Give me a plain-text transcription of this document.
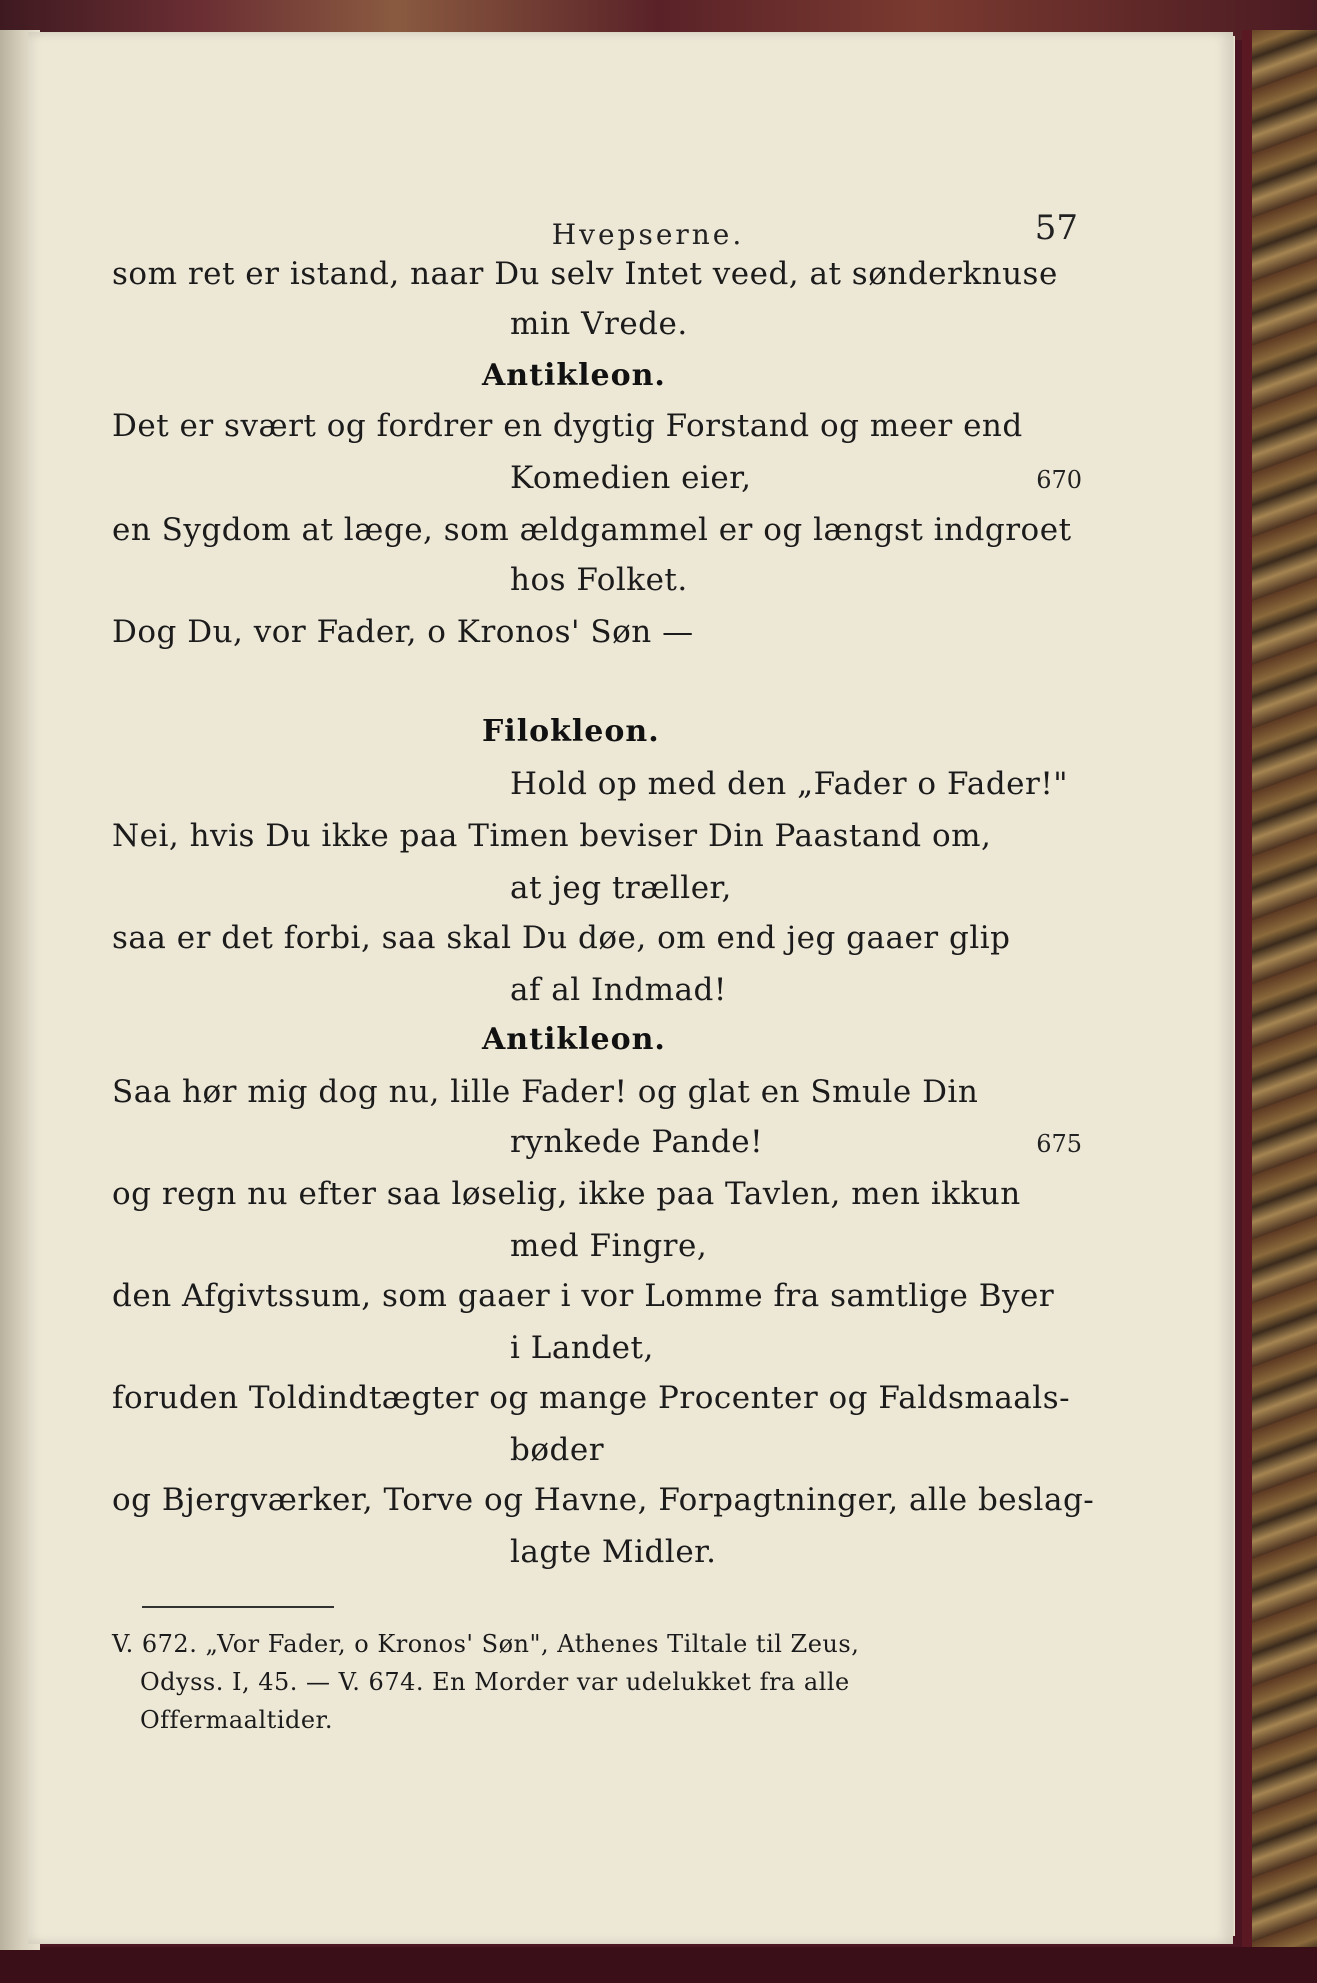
Hvepserne.	57
som ret er istand, naar Du selv Intet veed, at sønderknuse
min Vrede.
Antikleon.
Det er svært og fordrer en dygtig Forstand og meer end
Komedien eier,	670
en Sygdom at læge, som ældgammel er og længst indgroet
hos Folket.
Dog Du, vor Fader, o Kronos' Søn —
Filokleon.
Hold op med den „Fader o Fader!"
Nei, hvis Du ikke paa Timen beviser Din Paastand om,
at jeg træller,
saa er det forbi, saa skal Du døe, om end jeg gaaer glip
af al Indmad!
Antikleon.
Saa hør mig dog nu, lille Fader! og glat en Smule Din
rynkede Pande!	675
og regn nu efter saa løselig, ikke paa Tavlen, men ikkun
med Fingre,
den Afgivtssum, som gaaer i vor Lomme fra samtlige Byer
i Landet,
foruden Toldindtægter og mange Procenter og Faldsmaals-
bøder
og Bjergværker, Torve og Havne, Forpagtninger, alle beslag-
lagte Midler.
V. 672. „Vor Fader, o Kronos' Søn", Athenes Tiltale til Zeus,
Odyss. I, 45. — V. 674. En Morder var udelukket fra alle
Offermaaltider.
